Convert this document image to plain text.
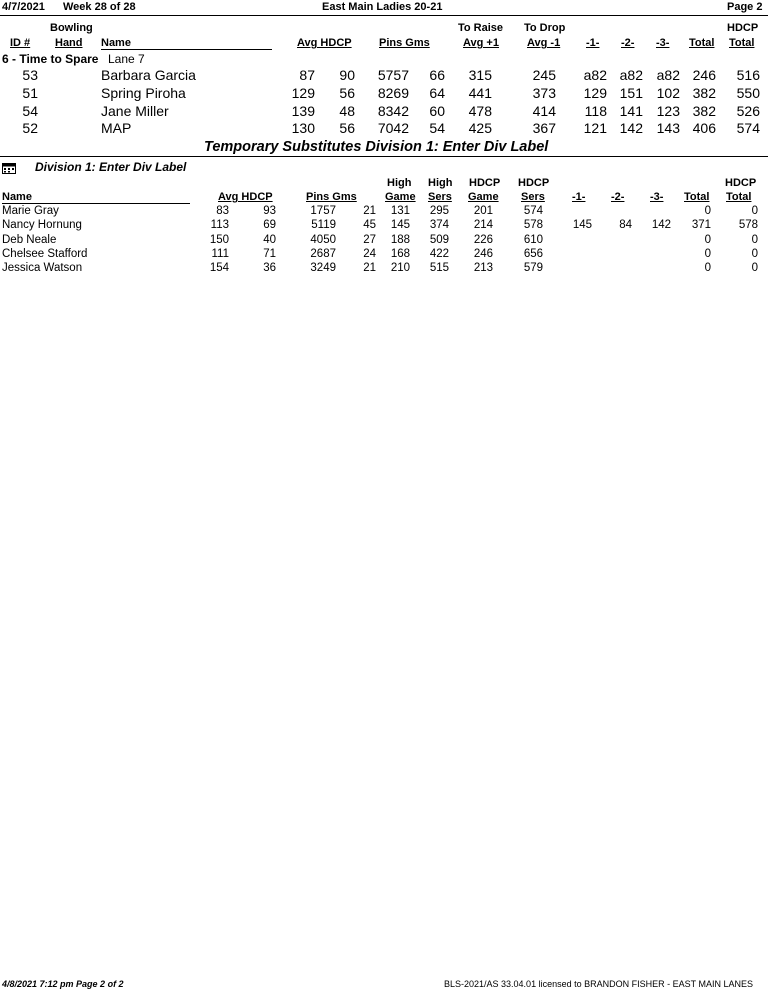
4/7/2021 Week 28 of 28	East Main Ladies 20-21	Page 2
Bowling	To Raise To Drop	HDCP
ID # Hand Name	Avg HDCP Pins Gms	Avg +1	Avg -1 -1- -2- -3- Total Total
6 - Time to Spare Lane 7
53	Barbara Garcia	87 90 5757 66 315	245 a82 a82 a82 246 516
51	Spring Piroha	129 56 8269 64 441	373 129 151 102 382 550
54	Jane Miller	139 48 8342 60 478	414 118 141 123 382 526
52	MAP	130 56 7042 54 425	367 121 142 143 406 574
Temporary Substitutes Division 1: Enter Div Label
Division 1: Enter Div Label
High High HDCP HDCP	HDCP
Name	Avg HDCP	Pins Gms	Game Sers Game Sers -1- -2- -3- Total Total
Marie Gray	83	93	1757 21 131 295 201	574	0	0
Nancy Hornung	113	69	5119 45 145 374 214	578	145 84 142 371 578
Deb Neale	150	40	4050 27 188 509 226	610	0	0
Chelsee Stafford	111	71	2687 24 168 422 246	656	0	0
Jessica Watson	154	36	3249 21 210 515 213	579	0	0
4/8/2021 7:12 pm Page 2 of 2	BLS-2021/AS 33.04.01 licensed to BRANDON FISHER - EAST MAIN LANES
